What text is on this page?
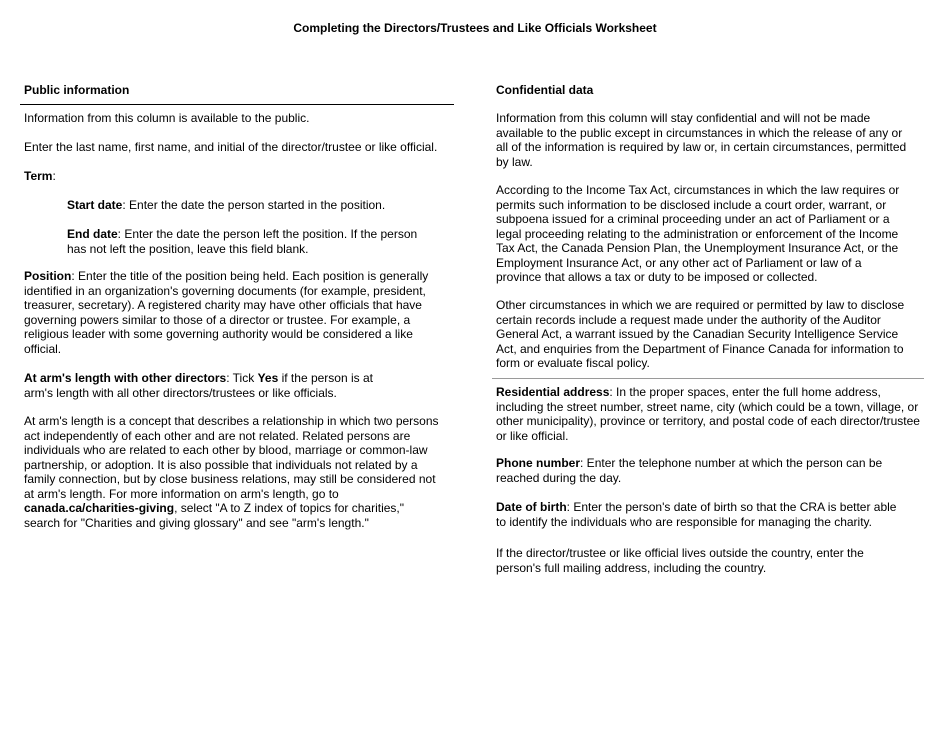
Completing the Directors/Trustees and Like Officials Worksheet

Public information

Information from this column is available to the public.

Enter the last name, first name, and initial of the director/trustee or like official.

Term:

Start date: Enter the date the person started in the position.

End date: Enter the date the person left the position. If the person has not left the position, leave this field blank.

Position: Enter the title of the position being held. Each position is generally identified in an organization's governing documents (for example, president, treasurer, secretary). A registered charity may have other officials that have governing powers similar to those of a director or trustee. For example, a religious leader with some governing authority would be considered a like official.

At arm's length with other directors: Tick Yes if the person is at arm's length with all other directors/trustees or like officials.

At arm's length is a concept that describes a relationship in which two persons act independently of each other and are not related. Related persons are individuals who are related to each other by blood, marriage or common-law partnership, or adoption. It is also possible that individuals not related by a family connection, but by close business relations, may still be considered not at arm's length. For more information on arm's length, go to canada.ca/charities-giving, select "A to Z index of topics for charities," search for "Charities and giving glossary" and see "arm's length."

Confidential data

Information from this column will stay confidential and will not be made available to the public except in circumstances in which the release of any or all of the information is required by law or, in certain circumstances, permitted by law.

According to the Income Tax Act, circumstances in which the law requires or permits such information to be disclosed include a court order, warrant, or subpoena issued for a criminal proceeding under an act of Parliament or a legal proceeding relating to the administration or enforcement of the Income Tax Act, the Canada Pension Plan, the Unemployment Insurance Act, or the Employment Insurance Act, or any other act of Parliament or law of a province that allows a tax or duty to be imposed or collected.

Other circumstances in which we are required or permitted by law to disclose certain records include a request made under the authority of the Auditor General Act, a warrant issued by the Canadian Security Intelligence Service Act, and enquiries from the Department of Finance Canada for information to form or evaluate fiscal policy.

Residential address: In the proper spaces, enter the full home address, including the street number, street name, city (which could be a town, village, or other municipality), province or territory, and postal code of each director/trustee or like official.

Phone number: Enter the telephone number at which the person can be reached during the day.

Date of birth: Enter the person's date of birth so that the CRA is better able to identify the individuals who are responsible for managing the charity.

If the director/trustee or like official lives outside the country, enter the person's full mailing address, including the country.
